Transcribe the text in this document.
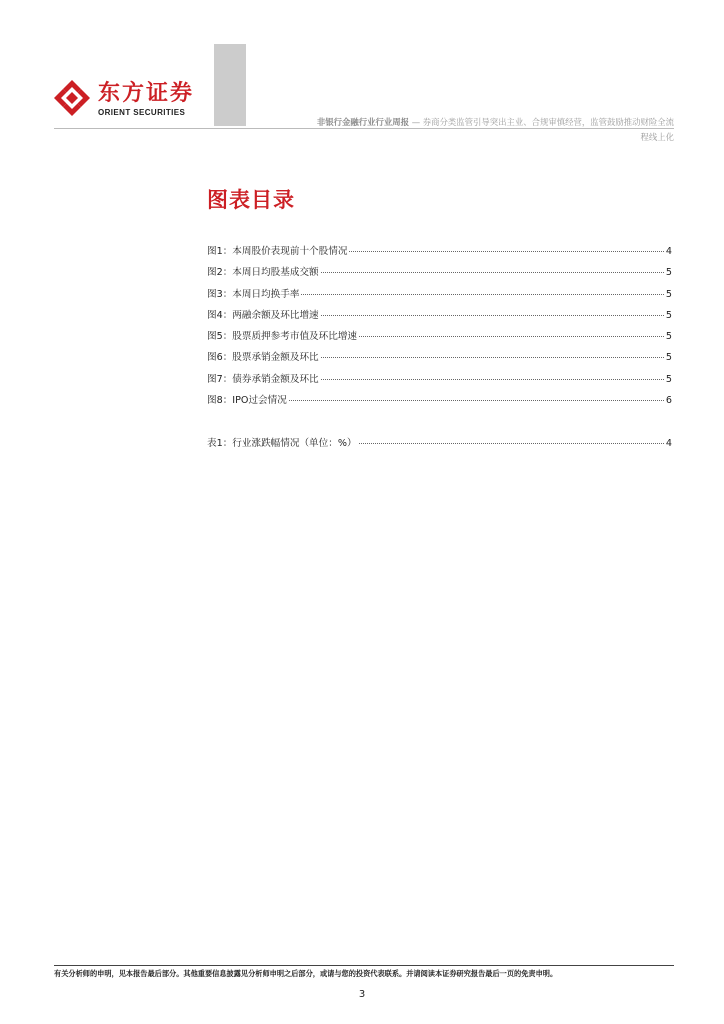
东方证券
ORIENT SECURITIES
非银行金融行业行业周报 — 券商分类监管引导突出主业、合规审慎经营，监管鼓励推动财险全流
程线上化
图表目录
图1：本周股价表现前十个股情况	4
图2：本周日均股基成交额	5
图3：本周日均换手率	5
图4：两融余额及环比增速	5
图5：股票质押参考市值及环比增速	5
图6：股票承销金额及环比	5
图7：债券承销金额及环比	5
图8：IPO过会情况	6
表1：行业涨跌幅情况（单位：%）	4
有关分析师的申明，见本报告最后部分。其他重要信息披露见分析师申明之后部分，或请与您的投资代表联系。并请阅读本证券研究报告最后一页的免责申明。
3
